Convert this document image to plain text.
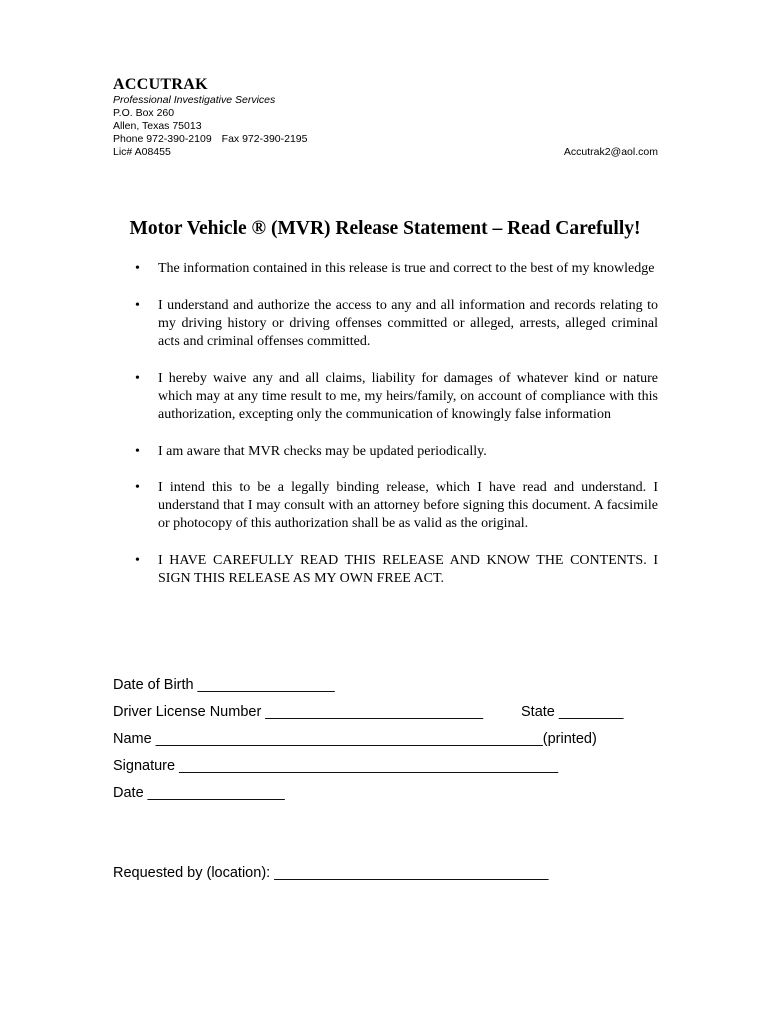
ACCUTRAK
Professional Investigative Services
P.O. Box 260
Allen, Texas 75013
Phone 972-390-2109 Fax 972-390-2195
Lic# A08455	Accutrak2@aol.com
Motor Vehicle ® (MVR) Release Statement – Read Carefully!
• The information contained in this release is true and correct to the best of my knowledge
• I understand and authorize the access to any and all information and records relating to my driving history or driving offenses committed or alleged, arrests, alleged criminal acts and criminal offenses committed.
• I hereby waive any and all claims, liability for damages of whatever kind or nature which may at any time result to me, my heirs/family, on account of compliance with this authorization, excepting only the communication of knowingly false information
• I am aware that MVR checks may be updated periodically.
• I intend this to be a legally binding release, which I have read and understand. I understand that I may consult with an attorney before signing this document. A facsimile or photocopy of this authorization shall be as valid as the original.
• I HAVE CAREFULLY READ THIS RELEASE AND KNOW THE CONTENTS. I SIGN THIS RELEASE AS MY OWN FREE ACT.
Date of Birth _________________
Driver License Number ___________________________	State ________
Name ________________________________________________(printed)
Signature _______________________________________________
Date _________________
Requested by (location): __________________________________
